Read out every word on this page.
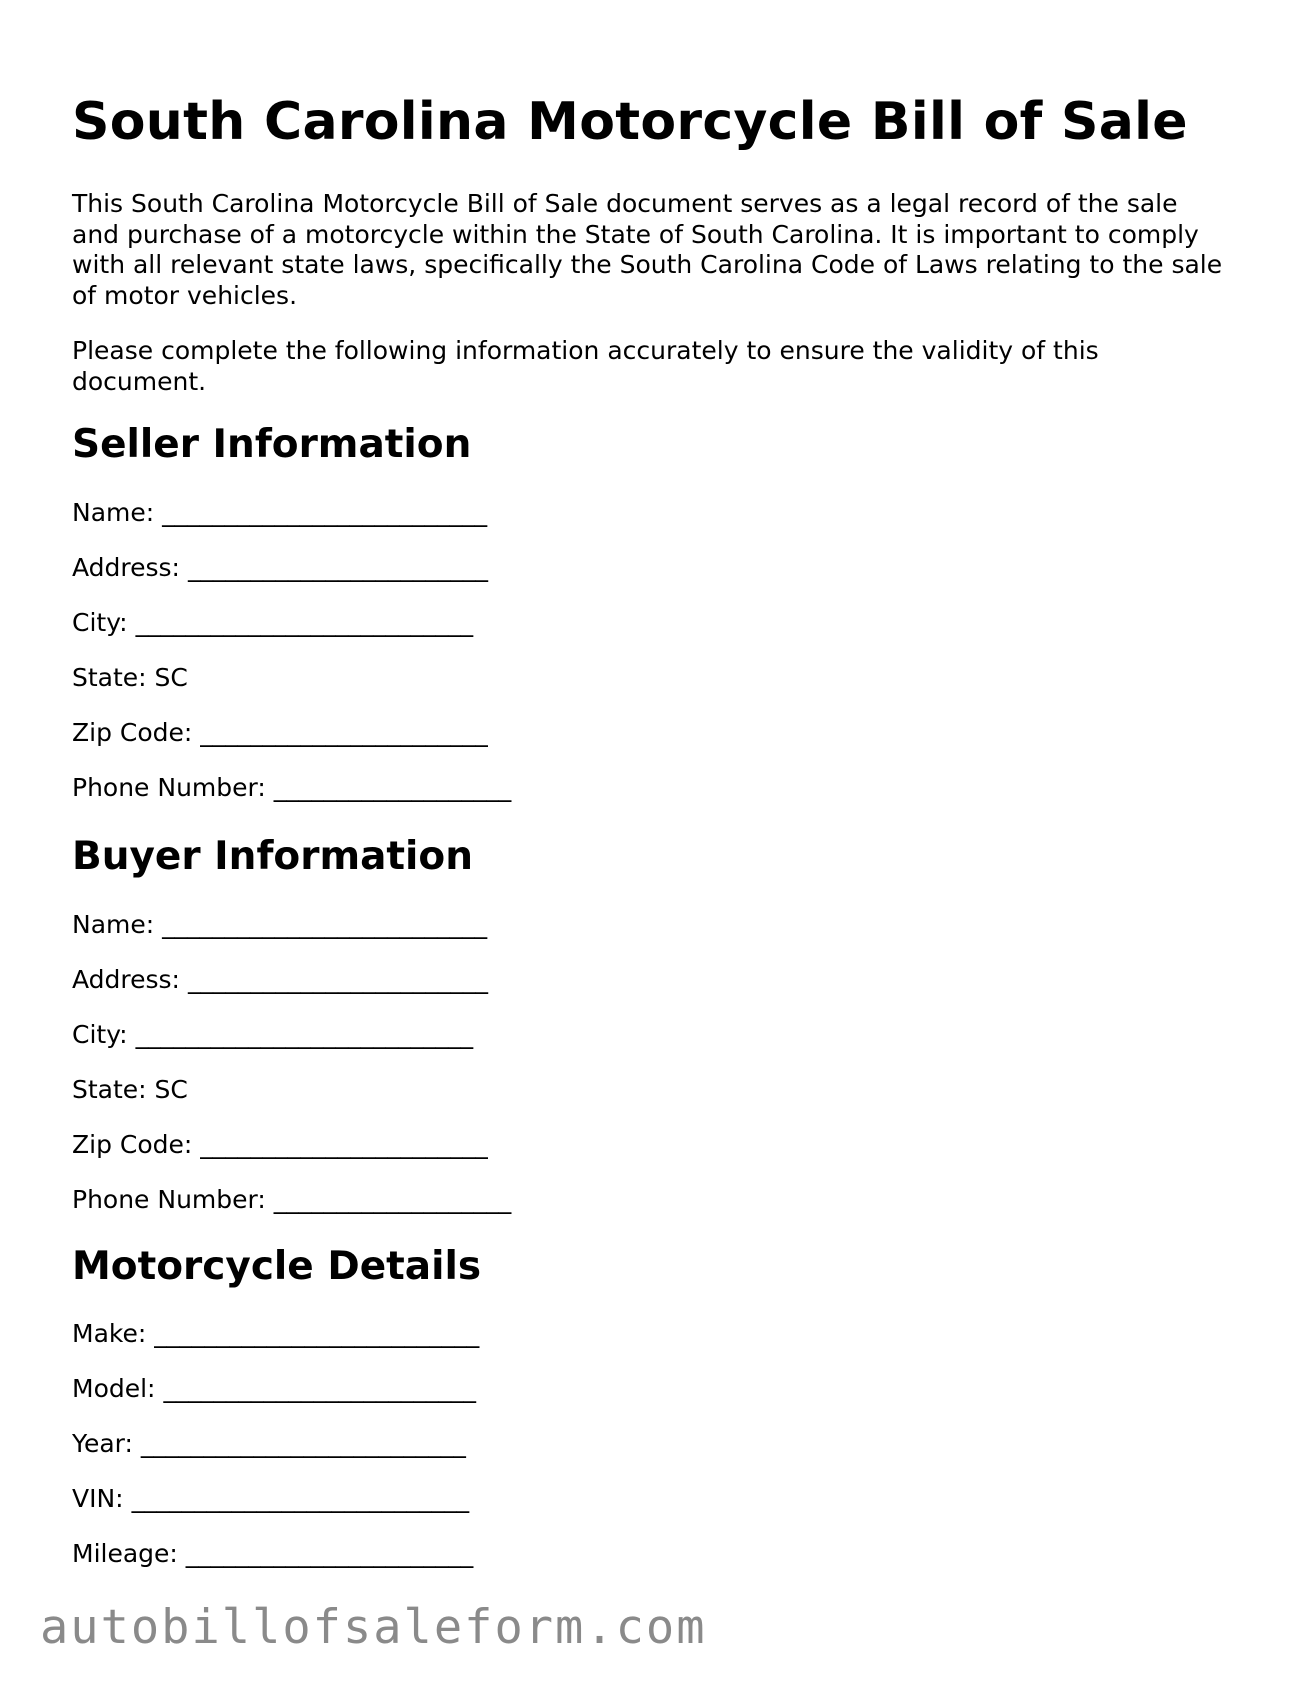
South Carolina Motorcycle Bill of Sale

This South Carolina Motorcycle Bill of Sale document serves as a legal record of the sale and purchase of a motorcycle within the State of South Carolina. It is important to comply with all relevant state laws, specifically the South Carolina Code of Laws relating to the sale of motor vehicles.

Please complete the following information accurately to ensure the validity of this document.

Seller Information
Name: __________________________
Address: ________________________
City: ___________________________
State: SC
Zip Code: _______________________
Phone Number: ___________________
Buyer Information
Name: __________________________
Address: ________________________
City: ___________________________
State: SC
Zip Code: _______________________
Phone Number: ___________________
Motorcycle Details
Make: __________________________
Model: _________________________
Year: __________________________
VIN: ___________________________
Mileage: _______________________
autobillofsaleform.com
